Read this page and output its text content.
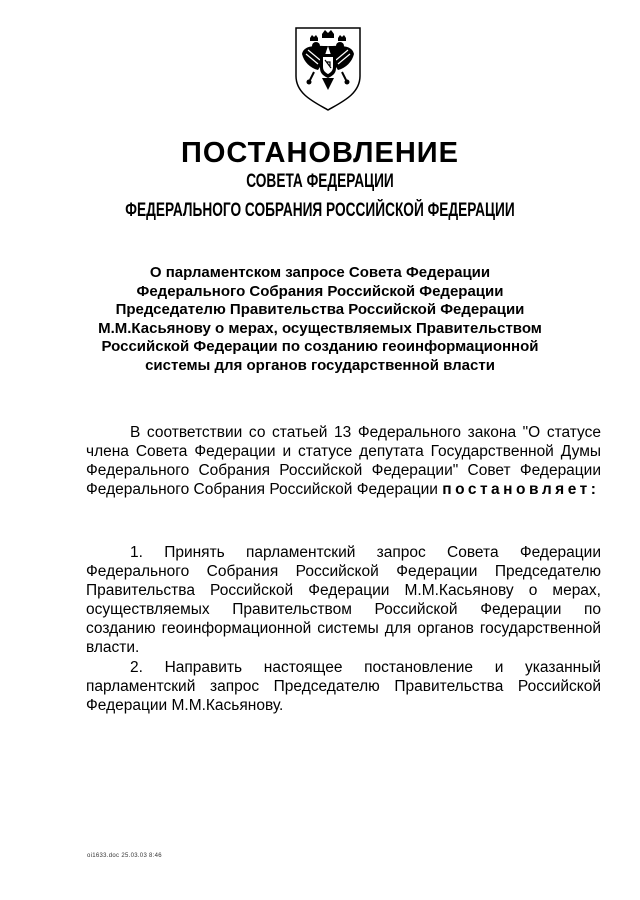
ПОСТАНОВЛЕНИЕ
СОВЕТА ФЕДЕРАЦИИ
ФЕДЕРАЛЬНОГО СОБРАНИЯ РОССИЙСКОЙ ФЕДЕРАЦИИ
О парламентском запросе Совета Федерации
Федерального Собрания Российской Федерации
Председателю Правительства Российской Федерации
М.М.Касьянову о мерах, осуществляемых Правительством
Российской Федерации по созданию геоинформационной
системы для органов государственной власти
В соответствии со статьей 13 Федерального закона "О статусе члена Совета Федерации и статусе депутата Государственной Думы Федерального Собрания Российской Федерации" Совет Федерации Федерального Собрания Российской Федерации постановляет:
1. Принять парламентский запрос Совета Федерации Федерального Собрания Российской Федерации Председателю Правительства Российской Федерации М.М.Касьянову о мерах, осуществляемых Правительством Российской Федерации по созданию геоинформационной системы для органов государственной власти.
2. Направить настоящее постановление и указанный парламентский запрос Председателю Правительства Российской Федерации М.М.Касьянову.
oi1633.doc 25.03.03 8:46
